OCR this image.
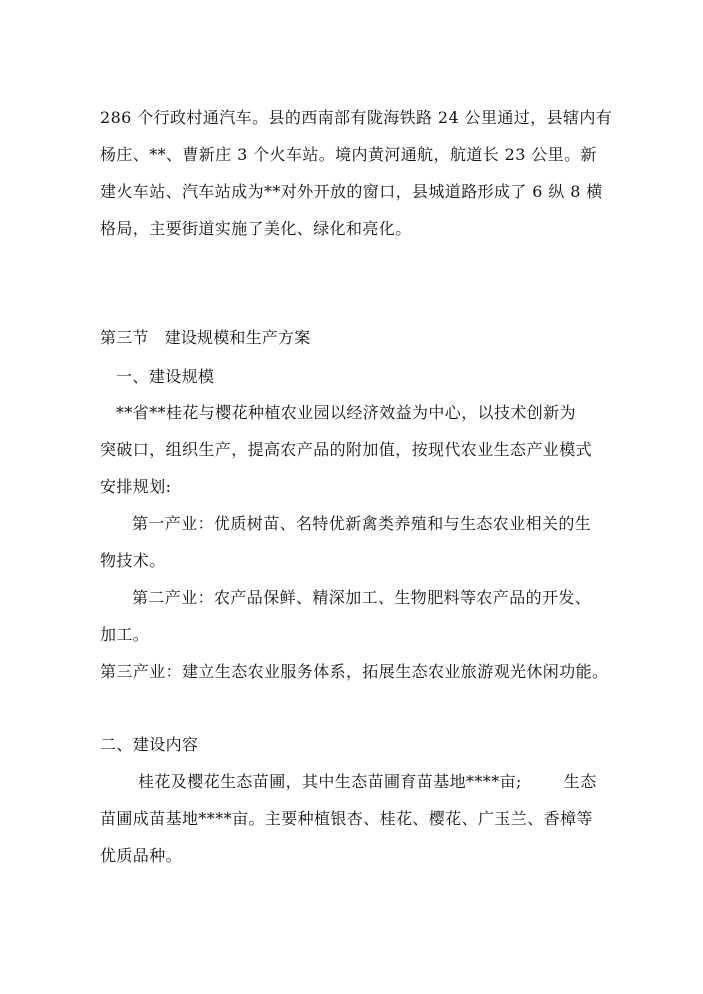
286 个行政村通汽车。县的西南部有陇海铁路 24 公里通过，县辖内有
杨庄、**、曹新庄 3 个火车站。境内黄河通航，航道长 23 公里。新
建火车站、汽车站成为**对外开放的窗口，县城道路形成了 6 纵 8 横
格局，主要街道实施了美化、绿化和亮化。
第三节 建设规模和生产方案
一、建设规模
**省**桂花与樱花种植农业园以经济效益为中心，以技术创新为
突破口，组织生产，提高农产品的附加值，按现代农业生态产业模式
安排规划:
第一产业：优质树苗、名特优新禽类养殖和与生态农业相关的生
物技术。
第二产业：农产品保鲜、精深加工、生物肥料等农产品的开发、
加工。
第三产业：建立生态农业服务体系，拓展生态农业旅游观光休闲功能。
二、建设内容
桂花及樱花生态苗圃，其中生态苗圃育苗基地****亩;	生态
苗圃成苗基地****亩。主要种植银杏、桂花、樱花、广玉兰、香樟等
优质品种。
